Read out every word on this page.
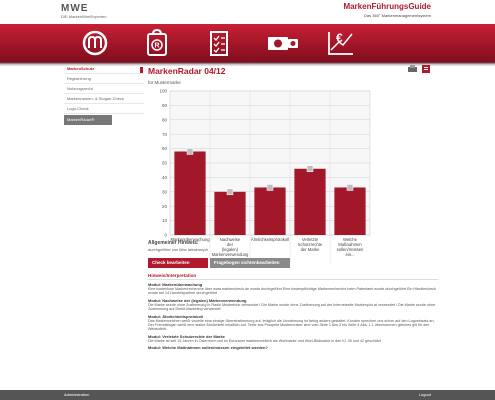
MWE
DIE MarkenWertExperten
MarkenFührungsGuide
Das 360° Markenmanagementsystem
R
€
MarkenSchutz
Registrierung
Nutzungsrecht
Markennamen- & Slogan-Check
Logo-Check
MarkenRadar®
MarkenRadar 04/12
für Mustermarke
0
10
20
30
40
50
60
70
80
90
100
Markenüberwachung	Nachweise der (legalen) Markenverwendung
Ähnlichkeitsprotokoll	Verletzte Schutzrechte der Marke
Welche Maßnahmen sollen/müssen ein...
Allgemeiner Hinweis:
durchgeführt von Max Idealmorph
Check bearbeiten	Fragebogen sichtenbearbeiten
Hinweis/Interpretation
Modul: Markenüberwachung

Eine kostenlose Markenrecherche über www.markencheck.de wurde durchgeführt Eine kostenpflichtige Markenrecherche beim Patentamt wurde durchgeführt Ein Händlercheck wurde bei 14 Handelspartner durchgeführt

Modul: Nachweise der (legalen) Markenverwendung

Die Marke wurde ohne Zustimmung in Radio Musterfunk verwendet / Die Marke wurde ohne Zustimmung auf der Internetseite Markenplot.at verwendet / Die Marke wurde ohne Zustimmung auf Direkt-Marketing verwendet

Modul: Ähnlichkeitsprotokoll

Das Markenzeichen weißt visuelle eine einzige Übereinstimmung auf, lediglich die Umrahmung ist farbig anders gestaltet. Kunden sprechen uns schon auf den Logoeinsatz an. Der Fremdslogan weißt eine starke Ähnlichkeit inhaltlich auf. Texte aus Prospekt Mustermuster sind vom Seite 1 Abs.3 bis Seite 4 Abs. 1.1 übernommen gleiches gilt für den Webauftritt.

Modul: Verletzte Schutzrechte der Marke

Die Marke ist seit 15 Jahren in Österreich und im Euroraum markenrechtlich als Wortmarke und Wort-Bildmarke in den Kl. 35 und 42 geschützt

Modul: Welche Maßnahmen sollen/müssen eingeleitet werden?

Administration	Logout
